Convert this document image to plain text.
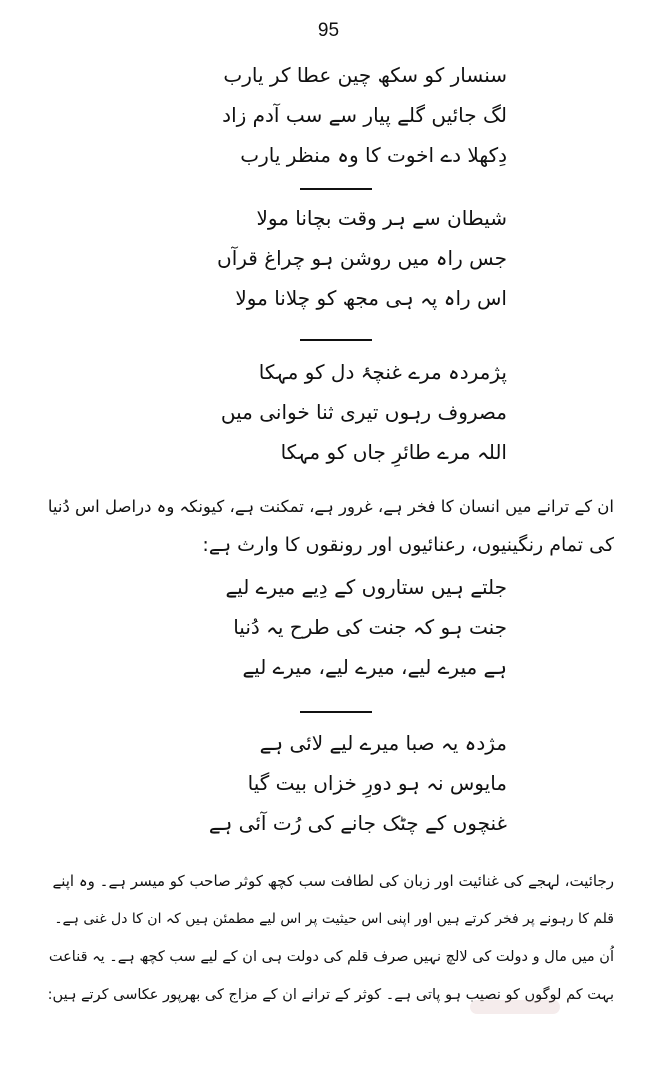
95
سنسار کو سکھ چین عطا کر یارب
لگ جائیں گلے پیار سے سب آدم زاد
دِکھلا دے اخوت کا وہ منظر یارب
شیطان سے ہر وقت بچانا مولا
جس راہ میں روشن ہو چراغ قرآں
اس راہ پہ ہی مجھ کو چلانا مولا
پژمردہ مرے غنچۂ دل کو مہکا
مصروف رہوں تیری ثنا خوانی میں
اللہ مرے طائرِ جاں کو مہکا
ان کے ترانے میں انسان کا فخر ہے، غرور ہے، تمکنت ہے، کیونکہ وہ دراصل اس دُنیا
کی تمام رنگینیوں، رعنائیوں اور رونقوں کا وارث ہے:
جلتے ہیں ستاروں کے دِیے میرے لیے
جنت ہو کہ جنت کی طرح یہ دُنیا
ہے میرے لیے، میرے لیے، میرے لیے
مژدہ یہ صبا میرے لیے لائی ہے
مایوس نہ ہو دورِ خزاں بیت گیا
غنچوں کے چٹک جانے کی رُت آئی ہے
رجائیت، لہجے کی غنائیت اور زبان کی لطافت سب کچھ کوثر صاحب کو میسر ہے۔ وہ اپنے
قلم کا رہونے پر فخر کرتے ہیں اور اپنی اس حیثیت پر اس لیے مطمئن ہیں کہ ان کا دل غنی ہے۔
اُن میں مال و دولت کی لالچ نہیں صرف قلم کی دولت ہی ان کے لیے سب کچھ ہے۔ یہ قناعت
بہت کم لوگوں کو نصیب ہو پاتی ہے۔ کوثر کے ترانے ان کے مزاج کی بھرپور عکاسی کرتے ہیں:
